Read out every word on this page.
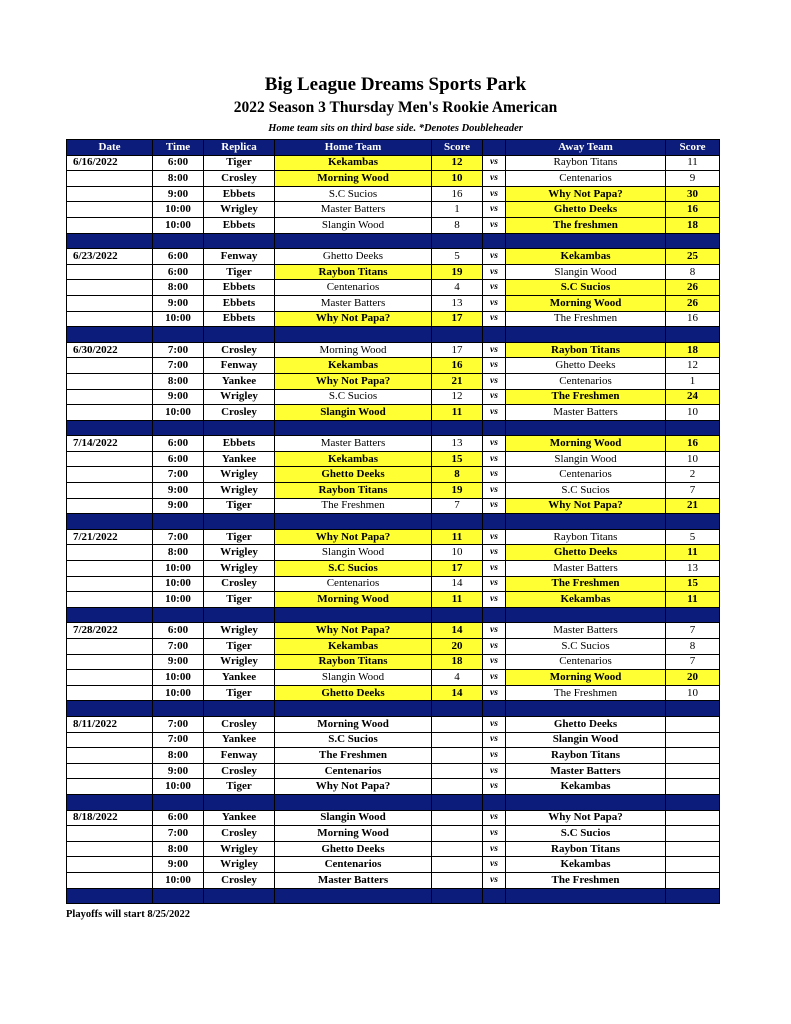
Big League Dreams Sports Park
2022 Season 3 Thursday Men's Rookie American
Home team sits on third base side. *Denotes Doubleheader
Date	Time	Replica	Home Team	Score		Away Team	Score
6/16/2022	6:00	Tiger	Kekambas	12	vs	Raybon Titans	11
	8:00	Crosley	Morning Wood	10	vs	Centenarios	9
	9:00	Ebbets	S.C Sucios	16	vs	Why Not Papa?	30
	10:00	Wrigley	Master Batters	1	vs	Ghetto Deeks	16
	10:00	Ebbets	Slangin Wood	8	vs	The freshmen	18

6/23/2022	6:00	Fenway	Ghetto Deeks	5	vs	Kekambas	25
	6:00	Tiger	Raybon Titans	19	vs	Slangin Wood	8
	8:00	Ebbets	Centenarios	4	vs	S.C Sucios	26
	9:00	Ebbets	Master Batters	13	vs	Morning Wood	26
	10:00	Ebbets	Why Not Papa?	17	vs	The Freshmen	16

6/30/2022	7:00	Crosley	Morning Wood	17	vs	Raybon Titans	18
	7:00	Fenway	Kekambas	16	vs	Ghetto Deeks	12
	8:00	Yankee	Why Not Papa?	21	vs	Centenarios	1
	9:00	Wrigley	S.C Sucios	12	vs	The Freshmen	24
	10:00	Crosley	Slangin Wood	11	vs	Master Batters	10

7/14/2022	6:00	Ebbets	Master Batters	13	vs	Morning Wood	16
	6:00	Yankee	Kekambas	15	vs	Slangin Wood	10
	7:00	Wrigley	Ghetto Deeks	8	vs	Centenarios	2
	9:00	Wrigley	Raybon Titans	19	vs	S.C Sucios	7
	9:00	Tiger	The Freshmen	7	vs	Why Not Papa?	21

7/21/2022	7:00	Tiger	Why Not Papa?	11	vs	Raybon Titans	5
	8:00	Wrigley	Slangin Wood	10	vs	Ghetto Deeks	11
	10:00	Wrigley	S.C Sucios	17	vs	Master Batters	13
	10:00	Crosley	Centenarios	14	vs	The Freshmen	15
	10:00	Tiger	Morning Wood	11	vs	Kekambas	11

7/28/2022	6:00	Wrigley	Why Not Papa?	14	vs	Master Batters	7
	7:00	Tiger	Kekambas	20	vs	S.C Sucios	8
	9:00	Wrigley	Raybon Titans	18	vs	Centenarios	7
	10:00	Yankee	Slangin Wood	4	vs	Morning Wood	20
	10:00	Tiger	Ghetto Deeks	14	vs	The Freshmen	10

8/11/2022	7:00	Crosley	Morning Wood		vs	Ghetto Deeks	
	7:00	Yankee	S.C Sucios		vs	Slangin Wood	
	8:00	Fenway	The Freshmen		vs	Raybon Titans	
	9:00	Crosley	Centenarios		vs	Master Batters	
	10:00	Tiger	Why Not Papa?		vs	Kekambas	

8/18/2022	6:00	Yankee	Slangin Wood		vs	Why Not Papa?	
	7:00	Crosley	Morning Wood		vs	S.C Sucios	
	8:00	Wrigley	Ghetto Deeks		vs	Raybon Titans	
	9:00	Wrigley	Centenarios		vs	Kekambas	
	10:00	Crosley	Master Batters		vs	The Freshmen	

Playoffs will start 8/25/2022
